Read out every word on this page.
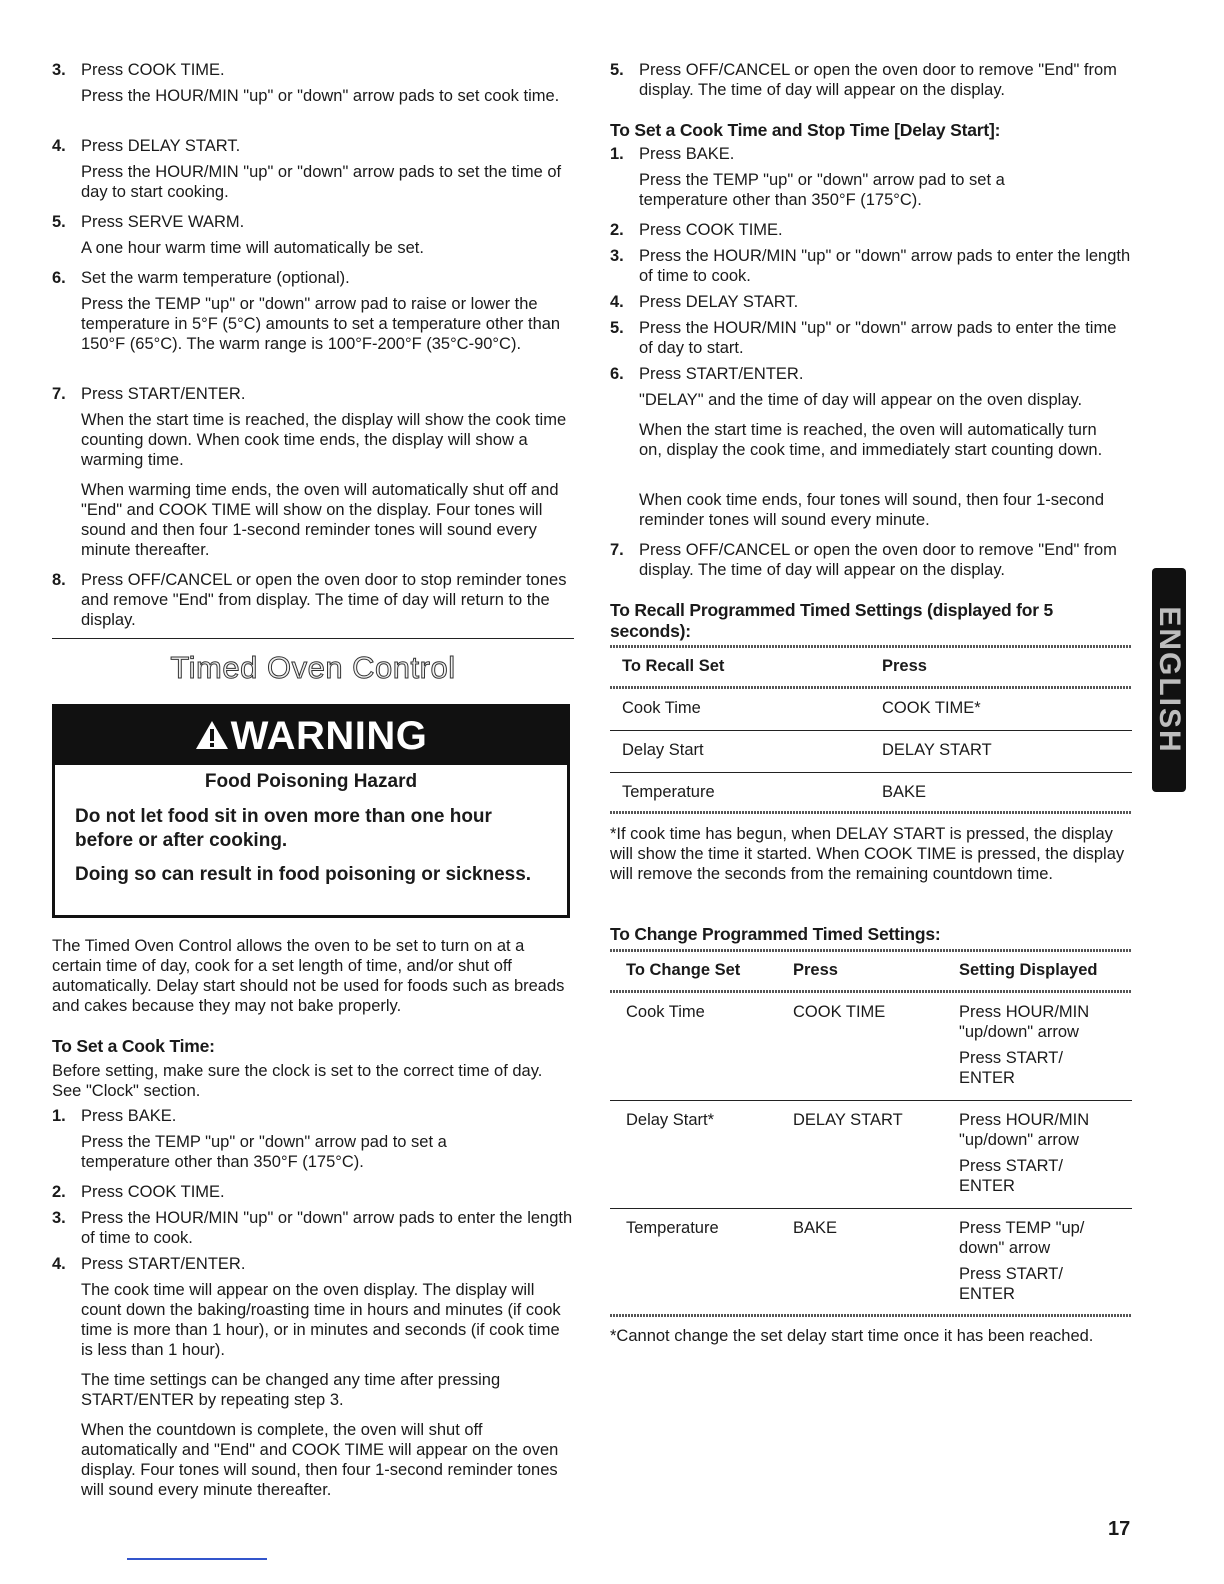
3. Press COOK TIME.
Press the HOUR/MIN "up" or "down" arrow pads to set cook time.
4. Press DELAY START.
Press the HOUR/MIN "up" or "down" arrow pads to set the time of day to start cooking.
5. Press SERVE WARM.
A one hour warm time will automatically be set.
6. Set the warm temperature (optional).
Press the TEMP "up" or "down" arrow pad to raise or lower the temperature in 5°F (5°C) amounts to set a temperature other than 150°F (65°C). The warm range is 100°F-200°F (35°C-90°C).
7. Press START/ENTER.
When the start time is reached, the display will show the cook time counting down. When cook time ends, the display will show a warming time.
When warming time ends, the oven will automatically shut off and "End" and COOK TIME will show on the display. Four tones will sound and then four 1-second reminder tones will sound every minute thereafter.
8. Press OFF/CANCEL or open the oven door to stop reminder tones and remove "End" from display. The time of day will return to the display.
Timed Oven Control
WARNING
Food Poisoning Hazard
Do not let food sit in oven more than one hour before or after cooking.
Doing so can result in food poisoning or sickness.
The Timed Oven Control allows the oven to be set to turn on at a certain time of day, cook for a set length of time, and/or shut off automatically. Delay start should not be used for foods such as breads and cakes because they may not bake properly.
To Set a Cook Time:
Before setting, make sure the clock is set to the correct time of day. See "Clock" section.
1. Press BAKE.
Press the TEMP "up" or "down" arrow pad to set a temperature other than 350°F (175°C).
2. Press COOK TIME.
3. Press the HOUR/MIN "up" or "down" arrow pads to enter the length of time to cook.
4. Press START/ENTER.
The cook time will appear on the oven display. The display will count down the baking/roasting time in hours and minutes (if cook time is more than 1 hour), or in minutes and seconds (if cook time is less than 1 hour).
The time settings can be changed any time after pressing START/ENTER by repeating step 3.
When the countdown is complete, the oven will shut off automatically and "End" and COOK TIME will appear on the oven display. Four tones will sound, then four 1-second reminder tones will sound every minute thereafter.
5. Press OFF/CANCEL or open the oven door to remove "End" from display. The time of day will appear on the display.
To Set a Cook Time and Stop Time [Delay Start]:
1. Press BAKE.
Press the TEMP "up" or "down" arrow pad to set a temperature other than 350°F (175°C).
2. Press COOK TIME.
3. Press the HOUR/MIN "up" or "down" arrow pads to enter the length of time to cook.
4. Press DELAY START.
5. Press the HOUR/MIN "up" or "down" arrow pads to enter the time of day to start.
6. Press START/ENTER.
"DELAY" and the time of day will appear on the oven display.
When the start time is reached, the oven will automatically turn on, display the cook time, and immediately start counting down.
When cook time ends, four tones will sound, then four 1-second reminder tones will sound every minute.
7. Press OFF/CANCEL or open the oven door to remove "End" from display. The time of day will appear on the display.
To Recall Programmed Timed Settings (displayed for 5 seconds):
To Recall Set	Press
Cook Time	COOK TIME*
Delay Start	DELAY START
Temperature	BAKE
*If cook time has begun, when DELAY START is pressed, the display will show the time it started. When COOK TIME is pressed, the display will remove the seconds from the remaining countdown time.
To Change Programmed Timed Settings:
To Change Set	Press	Setting Displayed
Cook Time	COOK TIME	Press HOUR/MIN "up/down" arrow
Press START/ ENTER
Delay Start*	DELAY START	Press HOUR/MIN "up/down" arrow
Press START/ ENTER
Temperature	BAKE	Press TEMP "up/ down" arrow
Press START/ ENTER
*Cannot change the set delay start time once it has been reached.
ENGLISH
17
